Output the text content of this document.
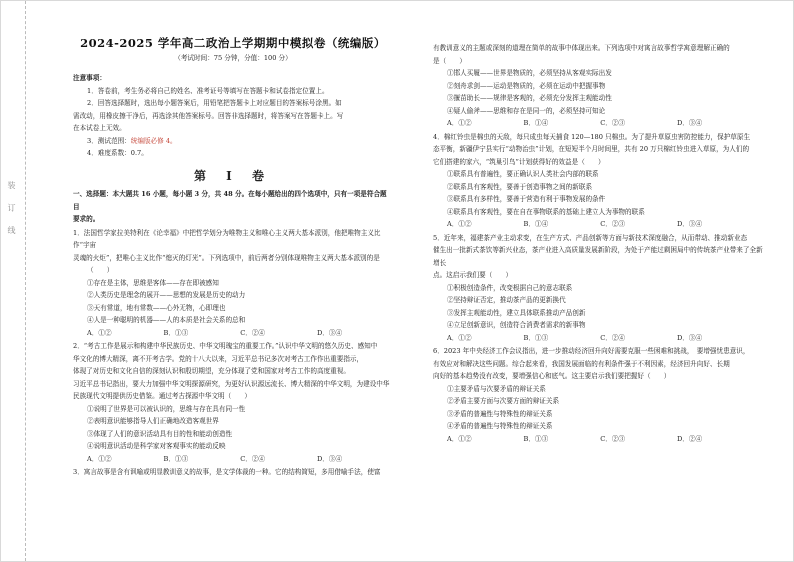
装 订 线
2024-2025 学年高二政治上学期期中模拟卷（统编版）
（考试时间：75 分钟，分值：100 分）
注意事项：

1．答卷前，考生务必将自己的姓名、准考证号等填写在答题卡和试卷指定位置上。

2．回答选择题时，选出每小题答案后，用铅笔把答题卡上对应题目的答案标号涂黑。如

需改动，用橡皮擦干净后，再选涂其他答案标号。回答非选择题时，将答案写在答题卡上。写

在本试卷上无效。

3．测试范围：统编版必修 4。

4．难度系数：0.7。

第 I 卷

一、选择题：本大题共 16 小题，每小题 3 分，共 48 分。在每小题给出的四个选项中，只有一项是符合题目

要求的。

1．法国哲学家拉美特利在《论幸福》中把哲学划分为唯物主义和唯心主义两大基本派别，他把唯物主义比作“宇宙

灵魂的火炬”，把唯心主义比作“熄灭的灯光”。下列选项中，前后两者分别体现唯物主义两大基本派别的是

（　　）

①存在是主体，思维是客体——存在即被感知

②人类历史是理念的展开——思想的发展是历史的动力

③天有常道，地有常数——心外无物，心即理也

④人是一种聪明的机器——人的本质是社会关系的总和

A．①②	B．①③	C．②④	D．③④

2．“考古工作是展示和构建中华民族历史、中华文明瑰宝的重要工作。”认识中华文明的悠久历史、感知中

华文化的博大精深，离不开考古学。党的十八大以来，习近平总书记多次对考古工作作出重要指示，

体现了对历史和文化自信的深刻认识和殷切期望，充分体现了党和国家对考古工作的高度重视。

习近平总书记指出，要大力加强中华文明探源研究，为更好认识源远流长、博大精深的中华文明，为建设中华

民族现代文明提供历史借鉴。通过考古探源中华文明（　　）

①说明了世界是可以被认识的，思维与存在具有同一性

②表明意识能够指导人们正确地改造客观世界

③体现了人们的意识活动具有目的性和能动创造性

④说明意识活动是科学家对客观事实的能动反映

A．①②	B．①③	C．②④	D．③④

3．寓言故事是含有讽喻或明显教训意义的故事，是文学体裁的一种。它的结构简短，多用借喻手法，使富

有教训意义的主题或深刻的道理在简单的故事中体现出来。下列选项中对寓言故事哲学寓意理解正确的

是（　　）

①邯人买履——世界是物质的，必须坚持从客观实际出发

②刻舟求剑——运动是物质的，必须在运动中把握事物

③揠苗助长——规律是客观的，必须充分发挥主观能动性

④疑人偷斧——思维和存在是同一的，必须坚持可知论

A．①②	B．①④	C．②③	D．③④

4．棉红铃虫是棉虫的天敌，每只成虫每天捕食 120—180 只棉虫。为了提升草原虫害防控能力，保护草原生

态平衡，新疆伊宁县实行“动物治虫”计划，在短短半个月时间里，共有 20 万只棉红铃虫进入草原，为人们的

它们搭建的家六，“筑巢引鸟”计划获得好的效益是（　　）

①联系具有普遍性，要正确认识人类社会内部的联系

②联系具有客观性，要善于创造事物之间的新联系

③联系具有多样性，要善于营造有利于事物发展的条件

④联系具有客观性，要在自在事物联系的基础上建立人为事物的联系

A．①②	B．①④	C．②③	D．③④

5．近年来，福建茶产业主动求变，在生产方式、产品创新等方面与新技术深度融合，从而带动、推动新业态

催生出一批新式茶饮等新兴业态，茶产业进入高质量发展新阶段，为处于产能过剩困局中的传统茶产业带来了全新增长

点。这启示我们要（　　）

①积极创造条件，改变根据自己的意志联系

②坚持辩证否定，推动茶产品的更新换代

③发挥主观能动性，建立具体联系推动产品创新

④立足创新意识，创造符合消费者需求的新事物

A．①②	B．①③	C．②④	D．③④

6．2023 年中央经济工作会议指出，进一步推动经济回升向好需要克服一些困难和挑战，　要增强忧患意识，

有效应对和解决这些问题。综合起来看，我国发展面临的有利条件强于不利因素，经济回升向好、长期

向好的基本趋势没有改变，要增强信心和底气。这主要启示我们要把握好（　　）

①主要矛盾与次要矛盾的辩证关系

②矛盾主要方面与次要方面的辩证关系

③矛盾的普遍性与特殊性的辩证关系

④矛盾的普遍性与特殊性的辩证关系

A．①②	B．①③	C．②③	D．②④
